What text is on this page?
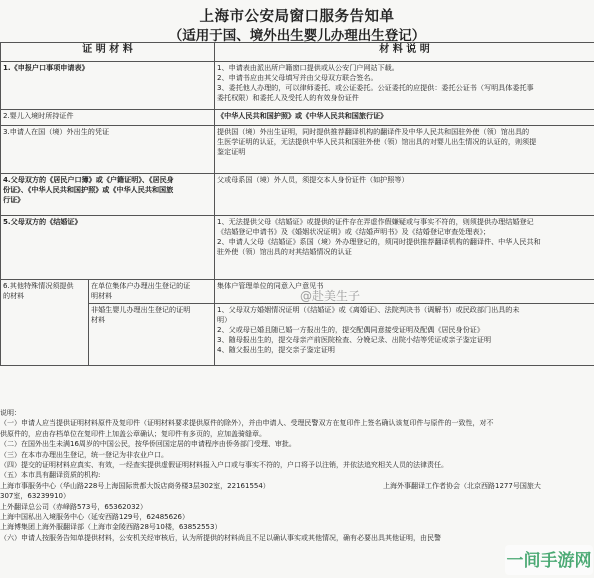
上海市公安局窗口服务告知单
（适用于国、境外出生婴儿办理出生登记）
证 明 材 料		材 料 说 明

1.《申报户口事项申请表》		1、申请表由派出所户籍窗口提供或从公安门户网站下载。
2、申请书应由其父母填写并由父母双方联合签名。
3、委托他人办理的，可以律师委托、或公证委托。公证委托的应提供：委托公证书（写明具体委托事
委托权限）和委托人及受托人的有效身份证件

2.婴儿入境时所持证件		《中华人民共和国护照》或《中华人民共和国旅行证》

3.申请人在国（境）外出生的凭证		提供国（境）外出生证明，同时提供推荐翻译机构的翻译件及中华人民共和国驻外使（领）馆出具的
生医学证明的认证，无法提供中华人民共和国驻外使（领）馆出具的对婴儿出生情况的认证的，则须提
鉴定证明

4.父母双方的《居民户口簿》或《户籍证明》、《居民身
份证》、《中华人民共和国护照》或《中华人民共和国旅
行证》		父或母系国（境）外人员，须提交本人身份证件（如护照等）

5.父母双方的《结婚证》		1、无法提供父母《结婚证》或提供的证件存在弄虚作假嫌疑或与事实不符的，则须提供办理结婚登记
《结婚登记申请书》及《婚姻状况证明》或《结婚声明书》及《结婚登记审查处理表》；
2、申请人父母《结婚证》系国（境）外办理登记的，须同时提供推荐翻译机构的翻译件、中华人民共和
驻外使（领）馆出具的对其结婚情况的认证

6.其他特殊情况须提供
的材料	在单位集体户办理出生登记的证
明材料	集体户管理单位的同意入户意见书

	非婚生婴儿办理出生登记的证明
材料	1、父母双方婚姻情况证明（《结婚证》或《离婚证》、法院判决书（调解书）或民政部门出具的未
明）
2、父或母已婚且随已婚一方报出生的，提交配偶同意接受证明及配偶《居民身份证》
3、随母报出生的，提交母亲产前医院检查、分娩记录、出院小结等凭证或亲子鉴定证明
4、随父报出生的，提交亲子鉴定证明
@赴美生子
说明：
（一）申请人应当提供证明材料原件及复印件（证明材料要求提供原件的除外），并由申请人、受理民警双方在复印件上签名确认该复印件与原件的一致性，对不
供原件的，应由存档单位在复印件上加盖公章确认；复印件有多页的，应加盖骑缝章。
（二）在国外出生未满16周岁的中国公民，按华侨回国定居的申请程序由侨务部门受理、审批。
（三）在本市办理出生登记，统一登记为非农业户口。
（四）提交的证明材料应真实、有效，一经查实提供虚假证明材料报入户口或与事实不符的，户口将予以注销，并依法追究相关人员的法律责任。
（五）本市具有翻译资质的机构:
上海市事服务中心（华山路228号上海国际贵都大饭店商务楼3层302室，22161554）	上海外事翻译工作者协会（北京西路1277号国旅大
307室，63239910）
上外翻译总公司（赤峰路573号，65362032）
上海中国私出入境服务中心（延安西路129号，62485626）
上海博集团上海外服翻译部（上海市金陵西路28号10楼，63852553）
（六）申请人按服务告知单提供材料，公安机关经审核后，认为所提供的材料尚且不足以确认事实或其他情况，确有必要出具其他证明，由民警
一间手游网
